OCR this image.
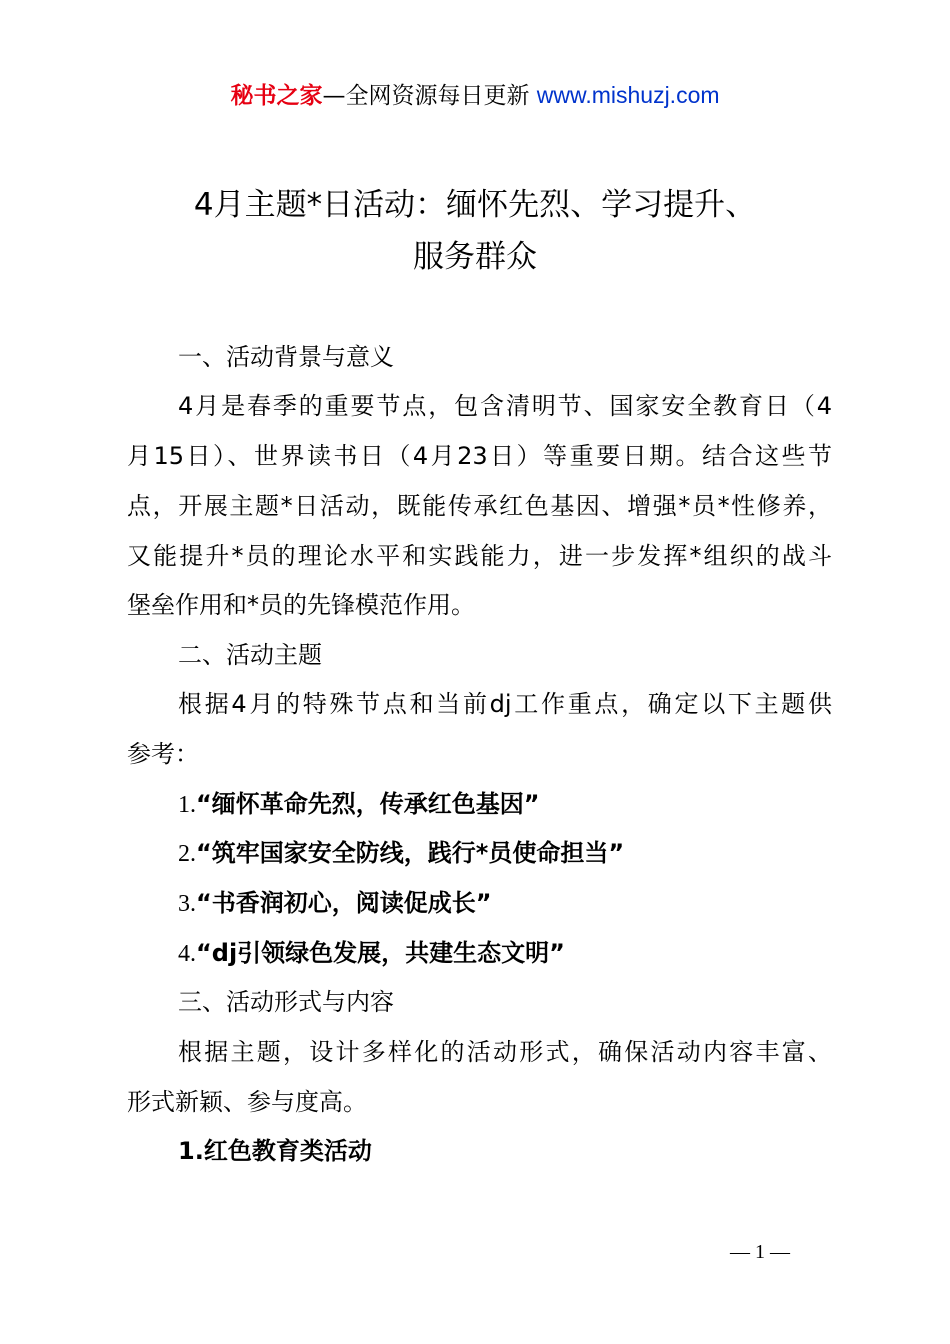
秘书之家—全网资源每日更新 www.mishuzj.com
4月主题*日活动：缅怀先烈、学习提升、
服务群众
一、活动背景与意义
4月是春季的重要节点，包含清明节、国家安全教育日（4
月15日）、世界读书日（4月23日）等重要日期。结合这些节
点，开展主题*日活动，既能传承红色基因、增强*员*性修养，
又能提升*员的理论水平和实践能力，进一步发挥*组织的战斗
堡垒作用和*员的先锋模范作用。
二、活动主题
根据4月的特殊节点和当前dj工作重点，确定以下主题供
参考：
1.“缅怀革命先烈，传承红色基因”
2.“筑牢国家安全防线，践行*员使命担当”
3.“书香润初心，阅读促成长”
4.“dj引领绿色发展，共建生态文明”
三、活动形式与内容
根据主题，设计多样化的活动形式，确保活动内容丰富、
形式新颖、参与度高。
1.红色教育类活动
— 1 —
